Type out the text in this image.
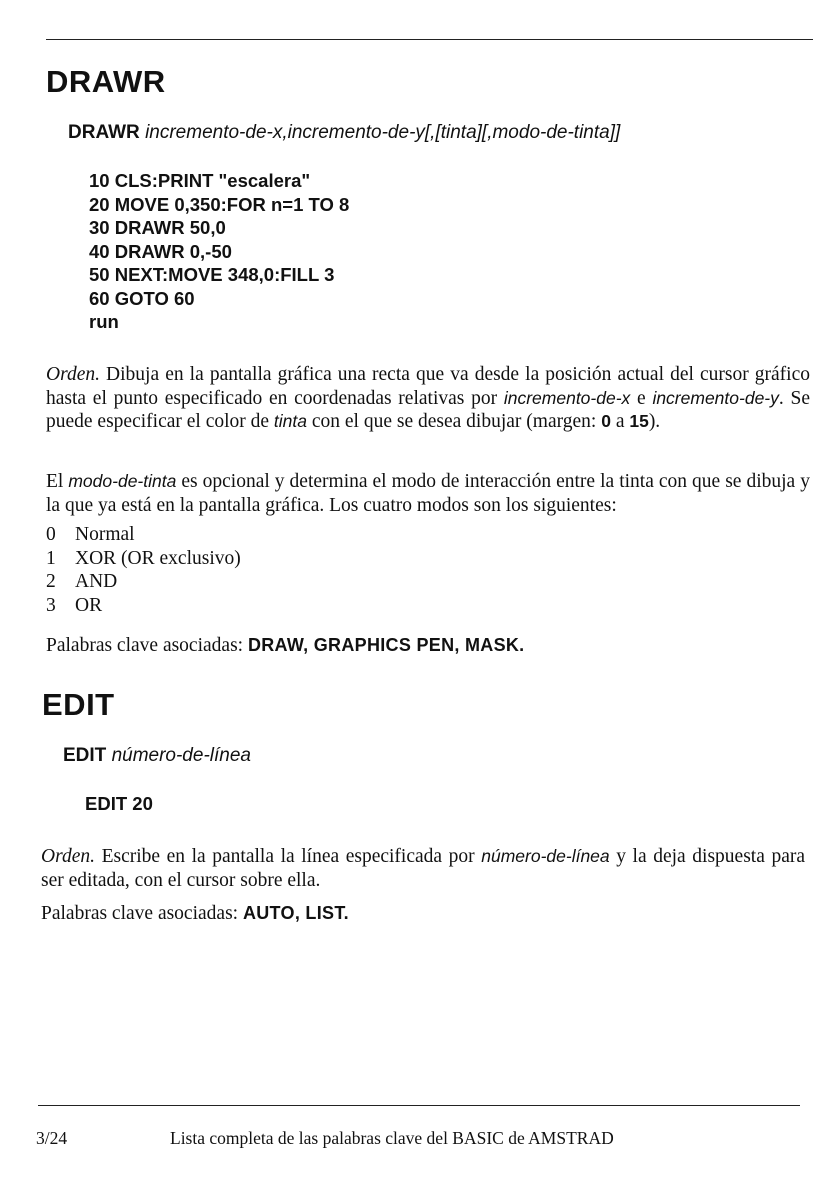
DRAWR
DRAWR incremento-de-x,incremento-de-y[,[tinta][,modo-de-tinta]]
10 CLS:PRINT "escalera"
20 MOVE 0,350:FOR n=1 TO 8
30 DRAWR 50,0
40 DRAWR 0,-50
50 NEXT:MOVE 348,0:FILL 3
60 GOTO 60
run

Orden. Dibuja en la pantalla gráfica una recta que va desde la posición actual del cursor gráfico hasta el punto especificado en coordenadas relativas por incremento-de-x e incremento-de-y. Se puede especificar el color de tinta con el que se desea dibujar (margen: 0 a 15).

El modo-de-tinta es opcional y determina el modo de interacción entre la tinta con que se dibuja y la que ya está en la pantalla gráfica. Los cuatro modos son los siguientes:

0 Normal
1 XOR (OR exclusivo)
2 AND
3 OR

Palabras clave asociadas: DRAW, GRAPHICS PEN, MASK.

EDIT
EDIT número-de-línea
EDIT 20

Orden. Escribe en la pantalla la línea especificada por número-de-línea y la deja dispuesta para ser editada, con el cursor sobre ella.

Palabras clave asociadas: AUTO, LIST.

3/24	Lista completa de las palabras clave del BASIC de AMSTRAD
